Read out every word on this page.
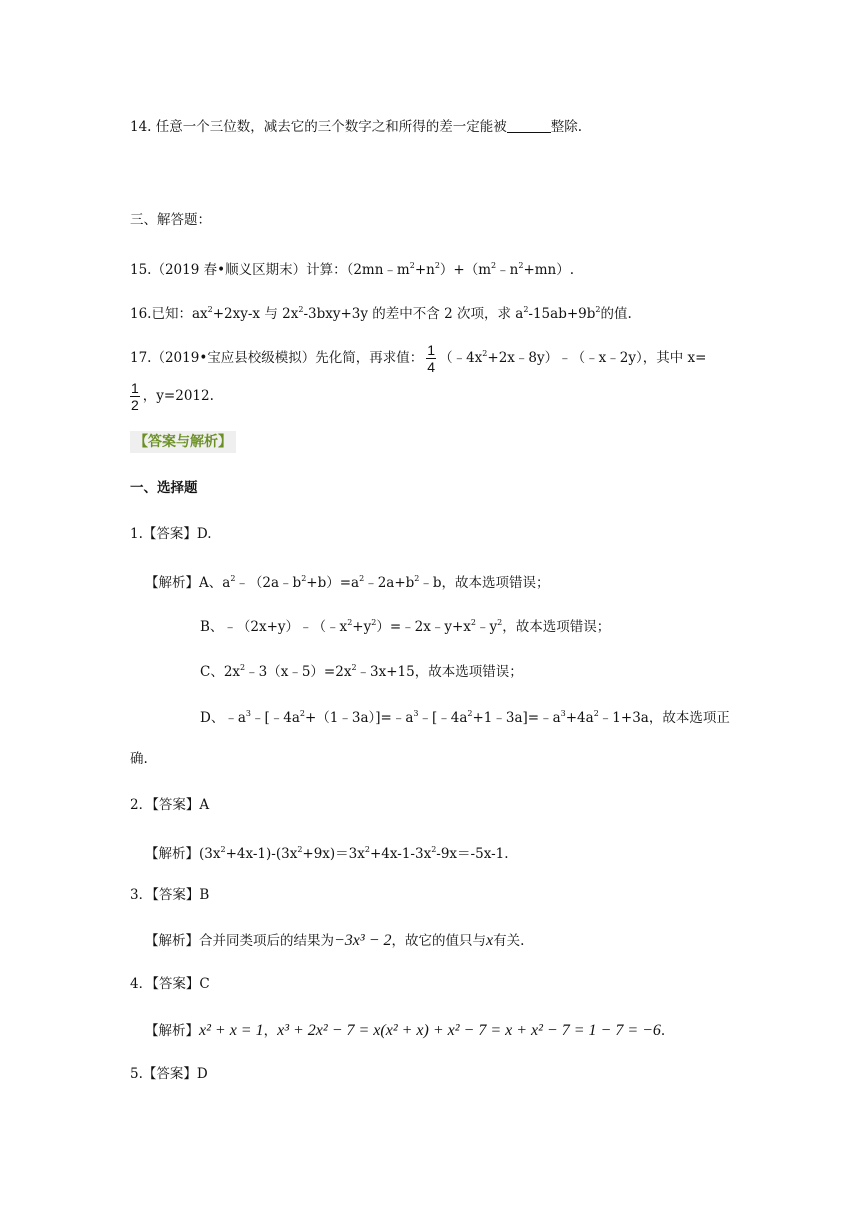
14. 任意一个三位数，减去它的三个数字之和所得的差一定能被	整除.
三、解答题：
15.（2019 春•顺义区期末）计算：$(2mn﹣m^2+n^2)+(m^2﹣n^2+mn)$.
16.已知：$ax^2+2xy-x$ 与 $2x^2-3bxy+3y$ 的差中不含 2 次项，求 $a^2-15ab+9b^2$的值.
17.（2019•宝应县校级模拟）先化简，再求值： $\frac{1}{4}$ $(﹣4x^2+2x﹣8y)﹣(﹣x﹣2y)$，其中 x=
$\frac{1}{2}$ ，y=2012.
【答案与解析】
一、选择题
1.【答案】D.
【解析】A、$a^2﹣(2a﹣b^2+b)=a^2﹣2a+b^2﹣b$，故本选项错误；
B、$﹣(2x+y)﹣(﹣x^2+y^2)=﹣2x﹣y+x^2﹣y^2$，故本选项错误；
C、$2x^2﹣3(x﹣5)=2x^2﹣3x+15$，故本选项错误；
D、$﹣a^3﹣[﹣4a^2+(1﹣3a)]=﹣a^3﹣[﹣4a^2+1﹣3a]=﹣a^3+4a^2﹣1+3a$，故本选项正
确.
2．【答案】A
【解析】$(3x^2+4x-1)-(3x^2+9x)=3x^2+4x-1-3x^2-9x=-5x-1$.
3．【答案】B
【解析】合并同类项后的结果为−3x³ − 2，故它的值只与x有关.
4．【答案】C
【解析】x² + x = 1，x³ + 2x² − 7 = x(x² + x) + x² − 7 = x + x² − 7 = 1 − 7 = −6.
5.【答案】D
